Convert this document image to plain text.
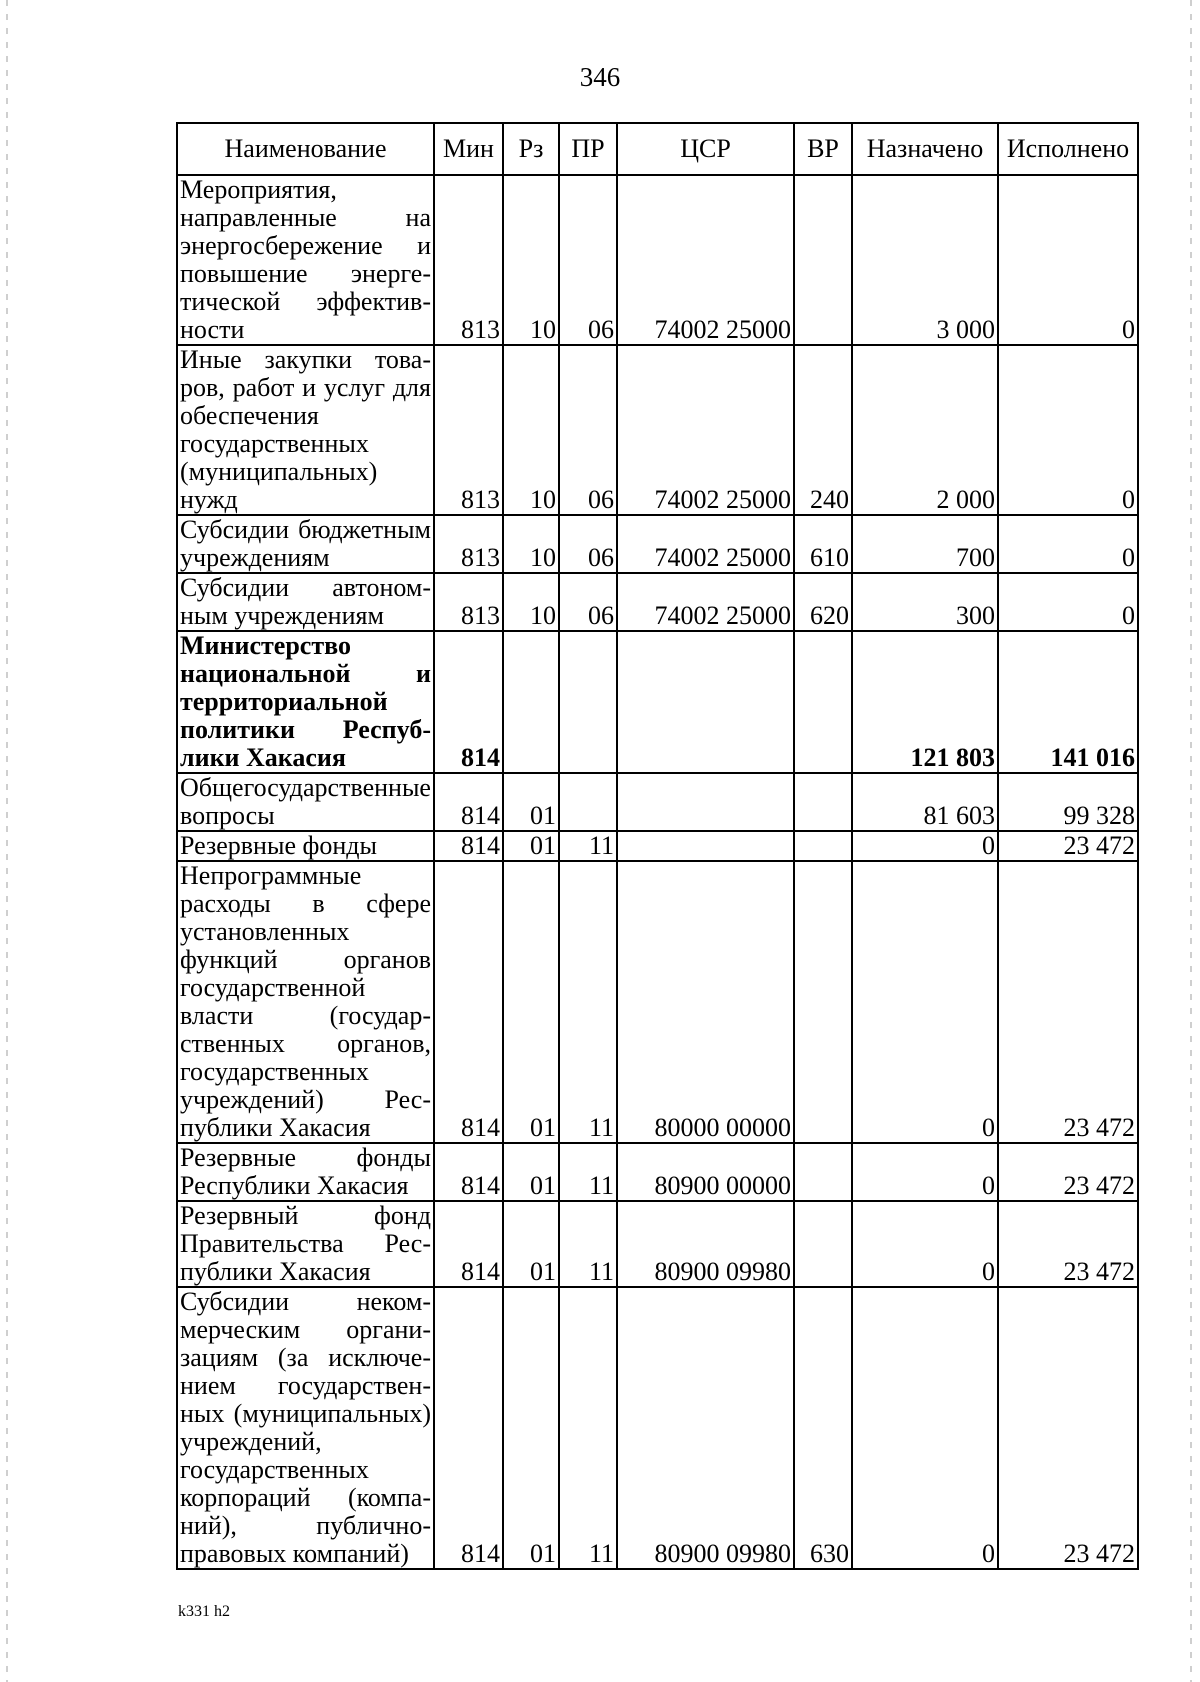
346
Наименование	Мин	Рз	ПР	ЦСР	ВР	Назначено	Исполнено
Мероприятия, направленные на энергосбережение и повышение энергетической эффективности	813	10	06	74002 25000		3 000	0
Иные закупки товаров, работ и услуг для обеспечения государственных (муниципальных) нужд	813	10	06	74002 25000	240	2 000	0
Субсидии бюджетным учреждениям	813	10	06	74002 25000	610	700	0
Субсидии автономным учреждениям	813	10	06	74002 25000	620	300	0
Министерство национальной и территориальной политики Республики Хакасия	814					121 803	141 016
Общегосударственные вопросы	814	01				81 603	99 328
Резервные фонды	814	01	11			0	23 472
Непрограммные расходы в сфере установленных функций органов государственной власти (государственных органов, государственных учреждений) Республики Хакасия	814	01	11	80000 00000		0	23 472
Резервные фонды Республики Хакасия	814	01	11	80900 00000		0	23 472
Резервный фонд Правительства Республики Хакасия	814	01	11	80900 09980		0	23 472
Субсидии некоммерческим организациям (за исключением государственных (муниципальных) учреждений, государственных корпораций (компаний), публично-правовых компаний)	814	01	11	80900 09980	630	0	23 472
k331 h2
